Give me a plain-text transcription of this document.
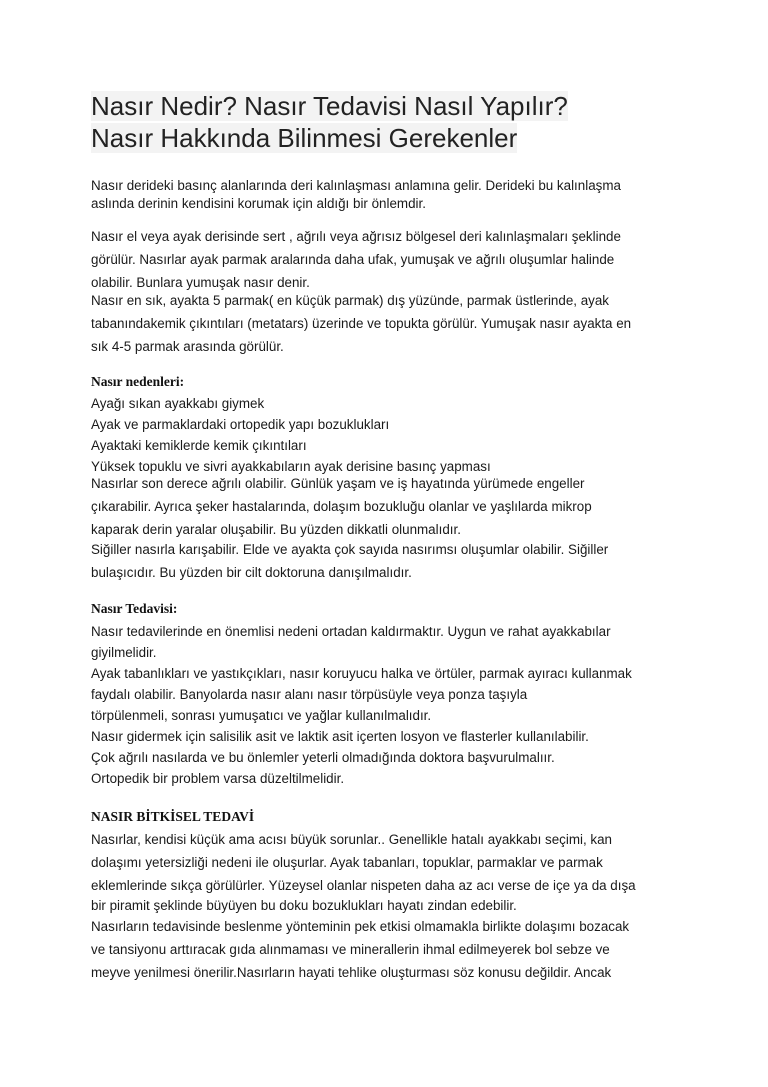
Nasır Nedir? Nasır Tedavisi Nasıl Yapılır?
Nasır Hakkında Bilinmesi Gerekenler
Nasır derideki basınç alanlarında deri kalınlaşması anlamına gelir. Derideki bu kalınlaşma
aslında derinin kendisini korumak için aldığı bir önlemdir.
Nasır el veya ayak derisinde sert , ağrılı veya ağrısız bölgesel deri kalınlaşmaları şeklinde
görülür. Nasırlar ayak parmak aralarında daha ufak, yumuşak ve ağrılı oluşumlar halinde
olabilir. Bunlara yumuşak nasır denir.
Nasır en sık, ayakta 5 parmak( en küçük parmak) dış yüzünde, parmak üstlerinde, ayak
tabanındakemik çıkıntıları (metatars) üzerinde ve topukta görülür. Yumuşak nasır ayakta en
sık 4-5 parmak arasında görülür.
Nasır nedenleri:
Ayağı sıkan ayakkabı giymek
Ayak ve parmaklardaki ortopedik yapı bozuklukları
Ayaktaki kemiklerde kemik çıkıntıları
Yüksek topuklu ve sivri ayakkabıların ayak derisine basınç yapması
Nasırlar son derece ağrılı olabilir. Günlük yaşam ve iş hayatında yürümede engeller
çıkarabilir. Ayrıca şeker hastalarında, dolaşım bozukluğu olanlar ve yaşlılarda mikrop
kaparak derin yaralar oluşabilir. Bu yüzden dikkatli olunmalıdır.
Siğiller nasırla karışabilir. Elde ve ayakta çok sayıda nasırımsı oluşumlar olabilir. Siğiller
bulaşıcıdır. Bu yüzden bir cilt doktoruna danışılmalıdır.
Nasır Tedavisi:
Nasır tedavilerinde en önemlisi nedeni ortadan kaldırmaktır. Uygun ve rahat ayakkabılar
giyilmelidir.
Ayak tabanlıkları ve yastıkçıkları, nasır koruyucu halka ve örtüler, parmak ayıracı kullanmak
faydalı olabilir. Banyolarda nasır alanı nasır törpüsüyle veya ponza taşıyla
törpülenmeli, sonrası yumuşatıcı ve yağlar kullanılmalıdır.
Nasır gidermek için salisilik asit ve laktik asit içerten losyon ve flasterler kullanılabilir.
Çok ağrılı nasılarda ve bu önlemler yeterli olmadığında doktora başvurulmalıır.
Ortopedik bir problem varsa düzeltilmelidir.
NASIR BİTKİSEL TEDAVİ
Nasırlar, kendisi küçük ama acısı büyük sorunlar.. Genellikle hatalı ayakkabı seçimi, kan
dolaşımı yetersizliği nedeni ile oluşurlar. Ayak tabanları, topuklar, parmaklar ve parmak
eklemlerinde sıkça görülürler. Yüzeysel olanlar nispeten daha az acı verse de içe ya da dışa
bir piramit şeklinde büyüyen bu doku bozuklukları hayatı zindan edebilir.
Nasırların tedavisinde beslenme yönteminin pek etkisi olmamakla birlikte dolaşımı bozacak
ve tansiyonu arttıracak gıda alınmaması ve minerallerin ihmal edilmeyerek bol sebze ve
meyve yenilmesi önerilir.Nasırların hayati tehlike oluşturması söz konusu değildir. Ancak
